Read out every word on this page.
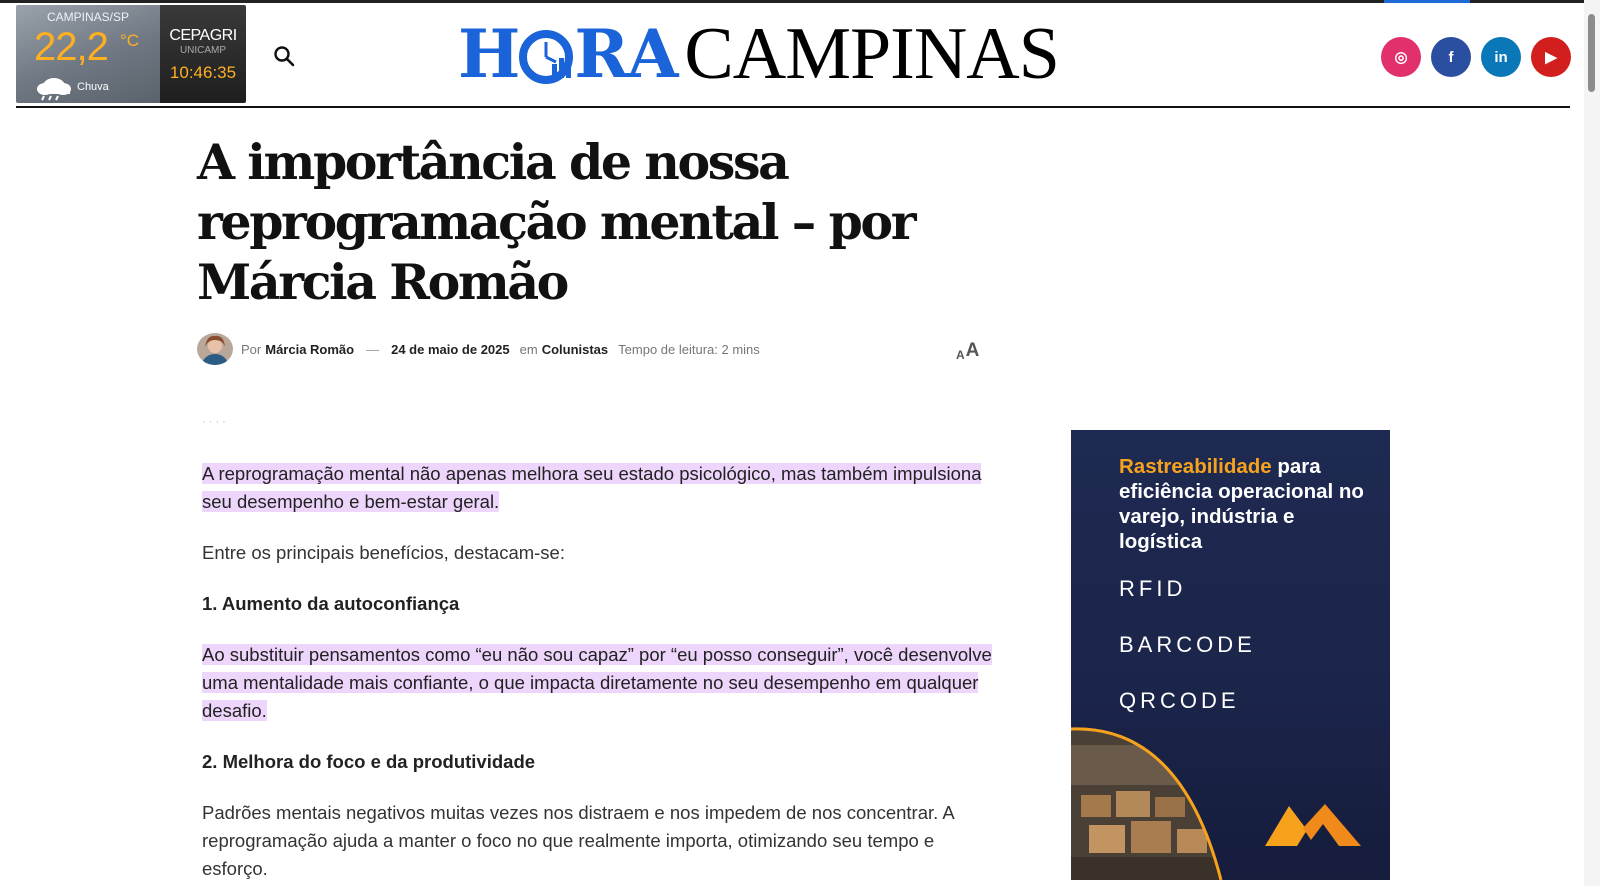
CAMPINAS/SP
22,2 °C
Chuva
CEPAGRI
UNICAMP
10:46:35	H RA CAMPINAS	◎	f	in	▶
A importância de nossa reprogramação mental – por Márcia Romão
Por Márcia Romão — 24 de maio de 2025 em Colunistas Tempo de leitura: 2 mins	A A
· · · ·

A reprogramação mental não apenas melhora seu estado psicológico, mas também impulsiona seu desempenho e bem-estar geral.

Entre os principais benefícios, destacam-se:

1. Aumento da autoconfiança

Ao substituir pensamentos como “eu não sou capaz” por “eu posso conseguir”, você desenvolve uma mentalidade mais confiante, o que impacta diretamente no seu desempenho em qualquer desafio.

2. Melhora do foco e da produtividade

Padrões mentais negativos muitas vezes nos distraem e nos impedem de nos concentrar. A reprogramação ajuda a manter o foco no que realmente importa, otimizando seu tempo e esforço.

Rastreabilidade para eficiência operacional no varejo, indústria e logística
RFID
BARCODE
QRCODE
